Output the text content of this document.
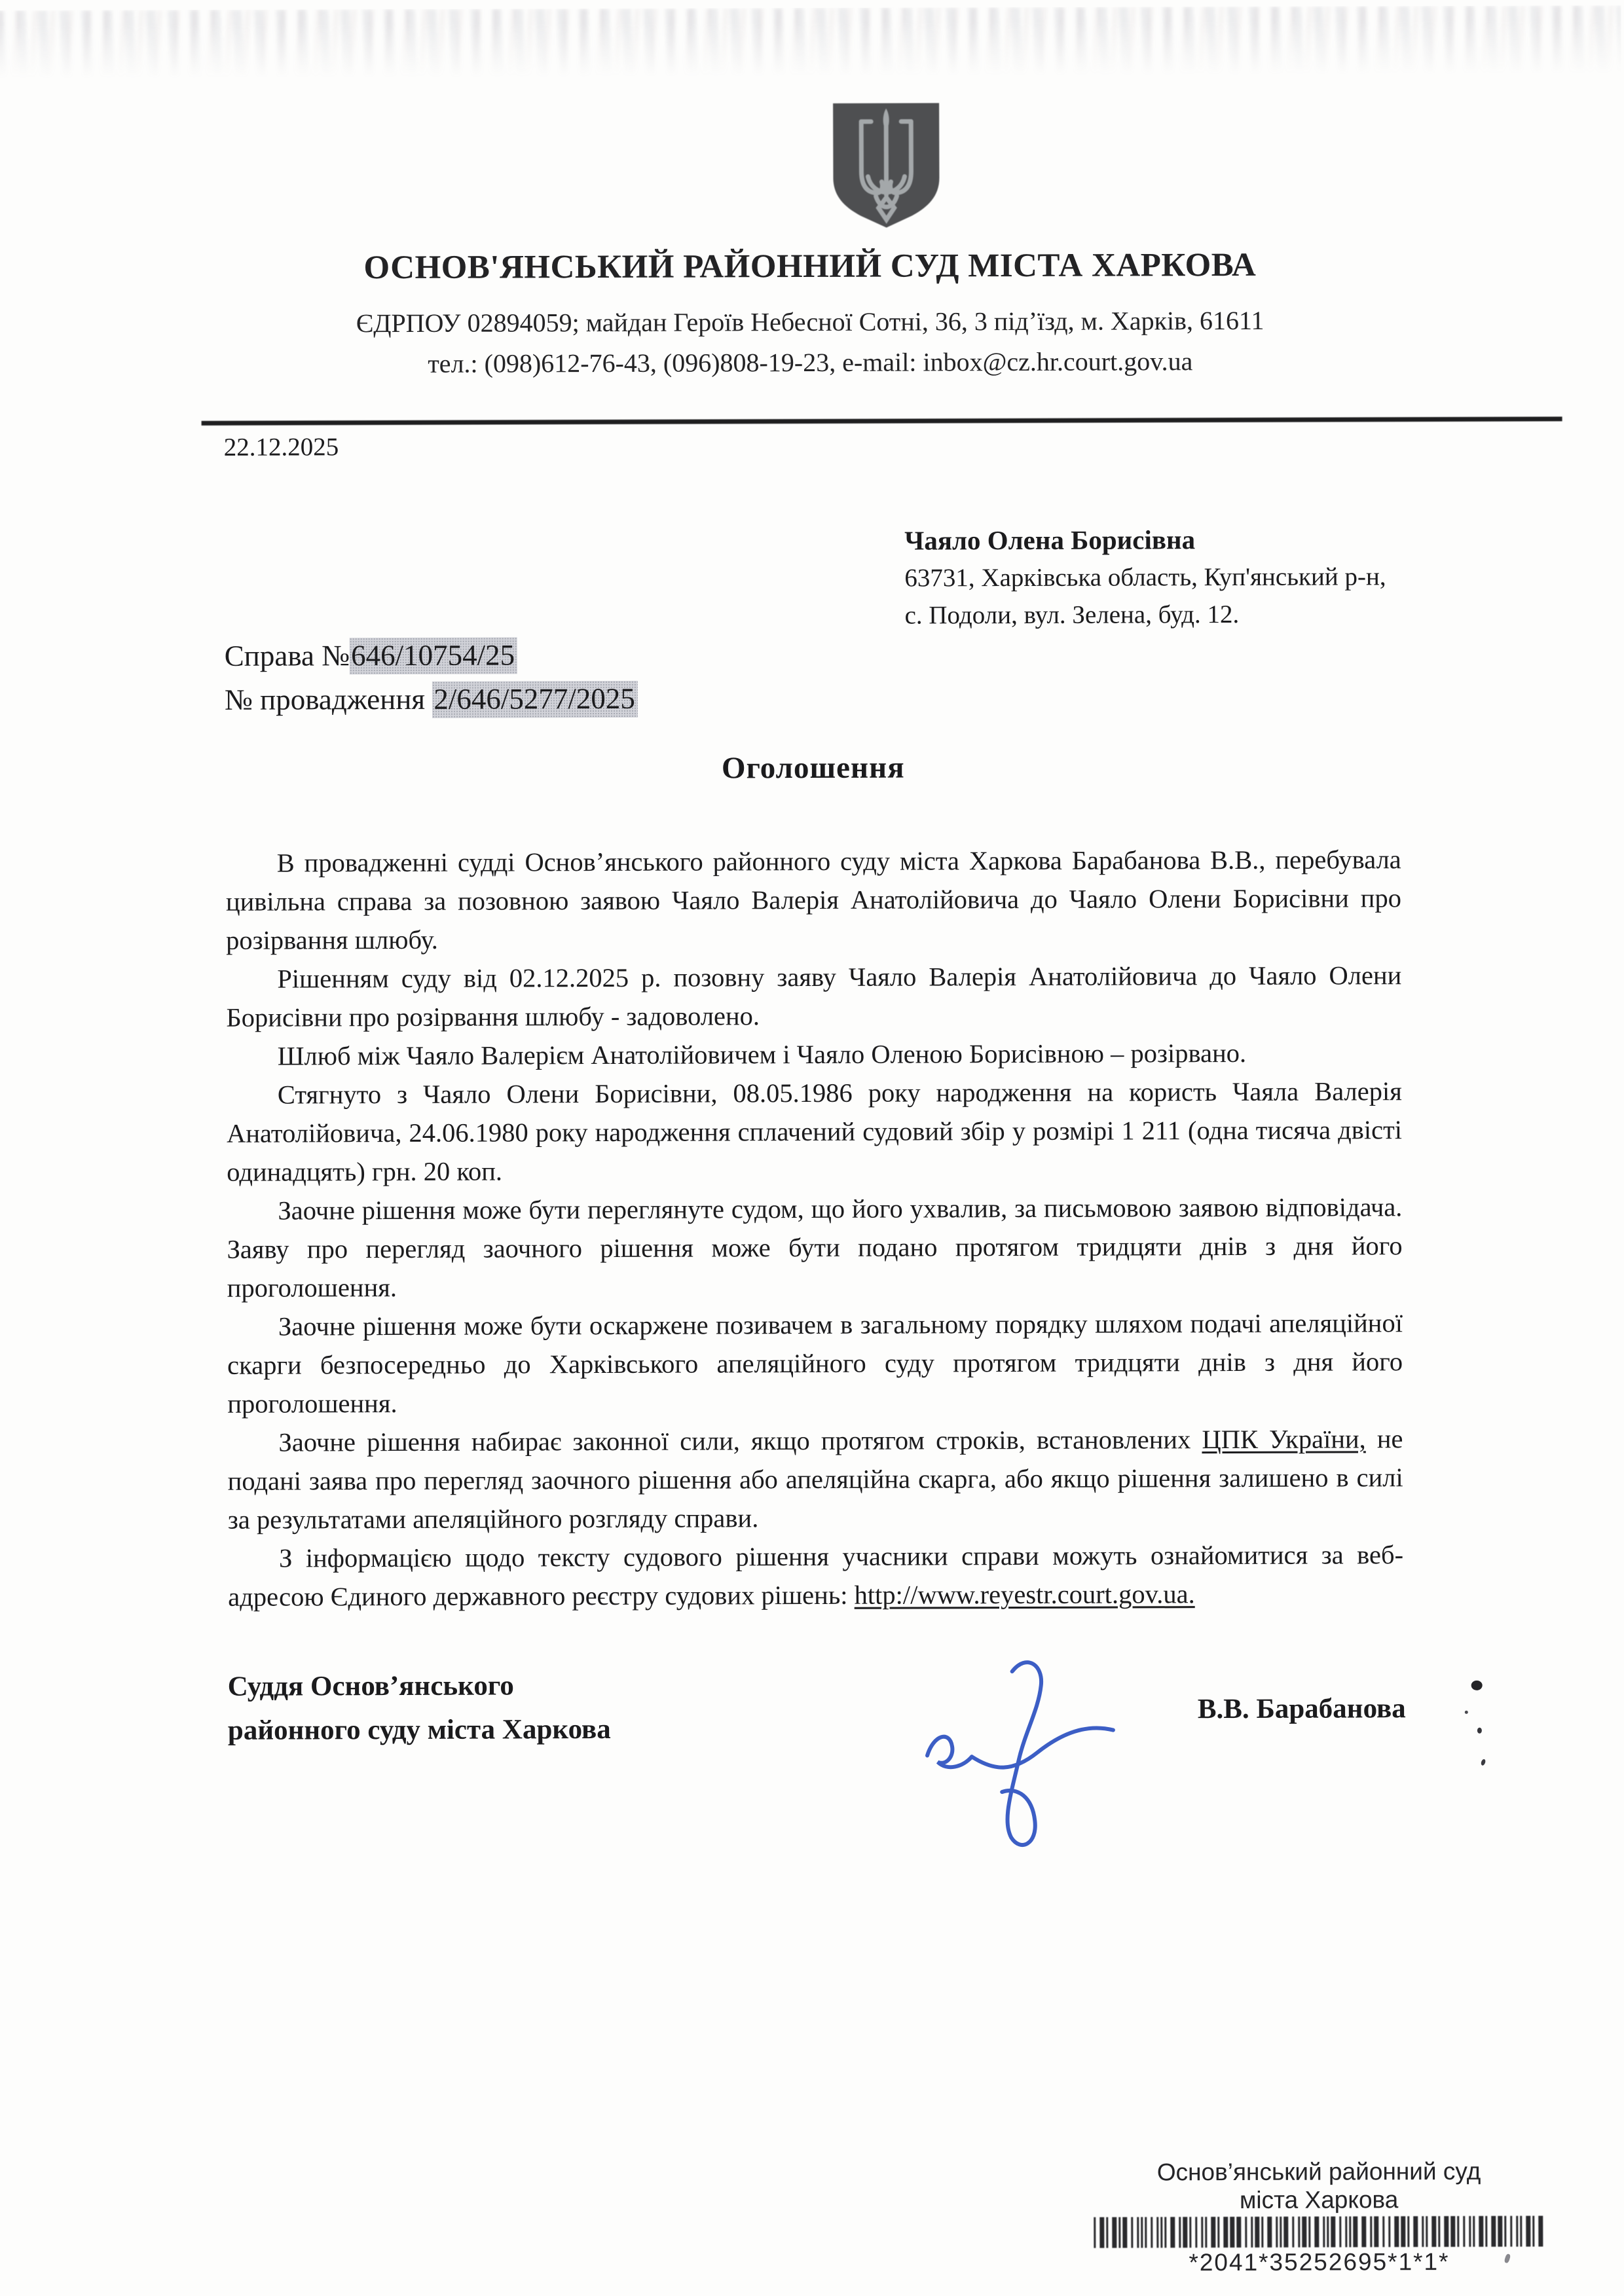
ОСНОВ'ЯНСЬКИЙ РАЙОННИЙ СУД МІСТА ХАРКОВА
ЄДРПОУ 02894059; майдан Героїв Небесної Сотні, 36, 3 під’їзд, м. Харків, 61611
тел.: (098)612-76-43, (096)808-19-23, e-mail: inbox@cz.hr.court.gov.ua
22.12.2025
Чаяло Олена Борисівна
63731, Харківська область, Куп'янський р-н,
с. Подоли, вул. Зелена, буд. 12.
Справа №646/10754/25
№ провадження 2/646/5277/2025
Оголошення

В провадженні судді Основ’янського районного суду міста Харкова Барабанова В.В., перебувала цивільна справа за позовною заявою Чаяло Валерія Анатолійовича до Чаяло Олени Борисівни про розірвання шлюбу.

Рішенням суду від 02.12.2025 р. позовну заяву Чаяло Валерія Анатолійовича до Чаяло Олени Борисівни про розірвання шлюбу - задоволено.

Шлюб між Чаяло Валерієм Анатолійовичем і Чаяло Оленою Борисівною – розірвано.

Стягнуто з Чаяло Олени Борисівни, 08.05.1986 року народження на користь Чаяла Валерія Анатолійовича, 24.06.1980 року народження сплачений судовий збір у розмірі 1 211 (одна тисяча двісті одинадцять) грн. 20 коп.

Заочне рішення може бути переглянуте судом, що його ухвалив, за письмовою заявою відповідача. Заяву про перегляд заочного рішення може бути подано протягом тридцяти днів з дня його проголошення.

Заочне рішення може бути оскаржене позивачем в загальному порядку шляхом подачі апеляційної скарги безпосередньо до Харківського апеляційного суду протягом тридцяти днів з дня його проголошення.

Заочне рішення набирає законної сили, якщо протягом строків, встановлених ЦПК України, не подані заява про перегляд заочного рішення або апеляційна скарга, або якщо рішення залишено в силі за результатами апеляційного розгляду справи.

З інформацією щодо тексту судового рішення учасники справи можуть ознайомитися за веб-адресою Єдиного державного реєстру судових рішень: http://www.reyestr.court.gov.ua.

Суддя Основ’янського
районного суду міста Харкова
В.В. Барабанова
Основ’янський районний суд
міста Харкова
*2041*35252695*1*1*
